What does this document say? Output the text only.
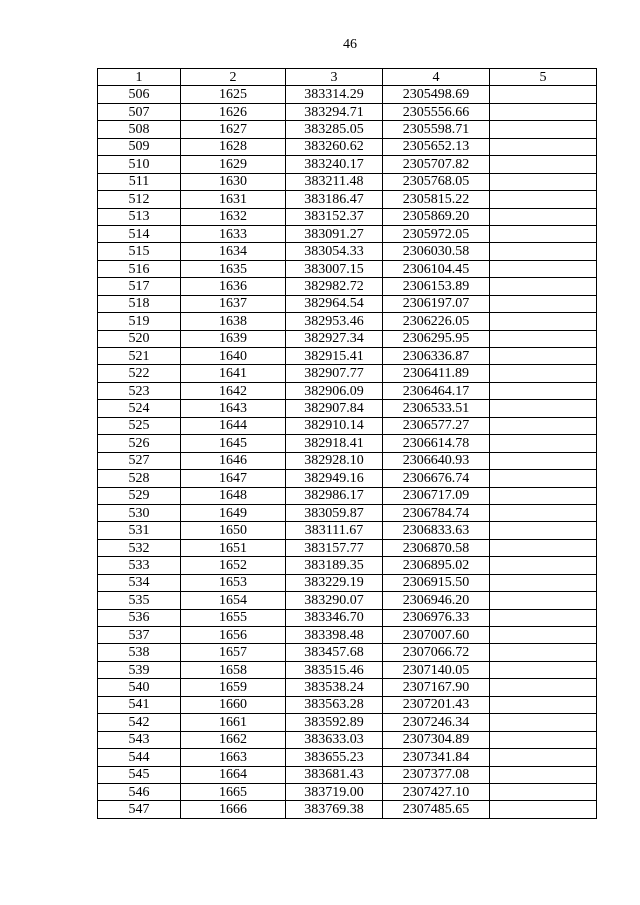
46
1	2	3	4	5
506	1625	383314.29	2305498.69	
507	1626	383294.71	2305556.66	
508	1627	383285.05	2305598.71	
509	1628	383260.62	2305652.13	
510	1629	383240.17	2305707.82	
511	1630	383211.48	2305768.05	
512	1631	383186.47	2305815.22	
513	1632	383152.37	2305869.20	
514	1633	383091.27	2305972.05	
515	1634	383054.33	2306030.58	
516	1635	383007.15	2306104.45	
517	1636	382982.72	2306153.89	
518	1637	382964.54	2306197.07	
519	1638	382953.46	2306226.05	
520	1639	382927.34	2306295.95	
521	1640	382915.41	2306336.87	
522	1641	382907.77	2306411.89	
523	1642	382906.09	2306464.17	
524	1643	382907.84	2306533.51	
525	1644	382910.14	2306577.27	
526	1645	382918.41	2306614.78	
527	1646	382928.10	2306640.93	
528	1647	382949.16	2306676.74	
529	1648	382986.17	2306717.09	
530	1649	383059.87	2306784.74	
531	1650	383111.67	2306833.63	
532	1651	383157.77	2306870.58	
533	1652	383189.35	2306895.02	
534	1653	383229.19	2306915.50	
535	1654	383290.07	2306946.20	
536	1655	383346.70	2306976.33	
537	1656	383398.48	2307007.60	
538	1657	383457.68	2307066.72	
539	1658	383515.46	2307140.05	
540	1659	383538.24	2307167.90	
541	1660	383563.28	2307201.43	
542	1661	383592.89	2307246.34	
543	1662	383633.03	2307304.89	
544	1663	383655.23	2307341.84	
545	1664	383681.43	2307377.08	
546	1665	383719.00	2307427.10	
547	1666	383769.38	2307485.65	
